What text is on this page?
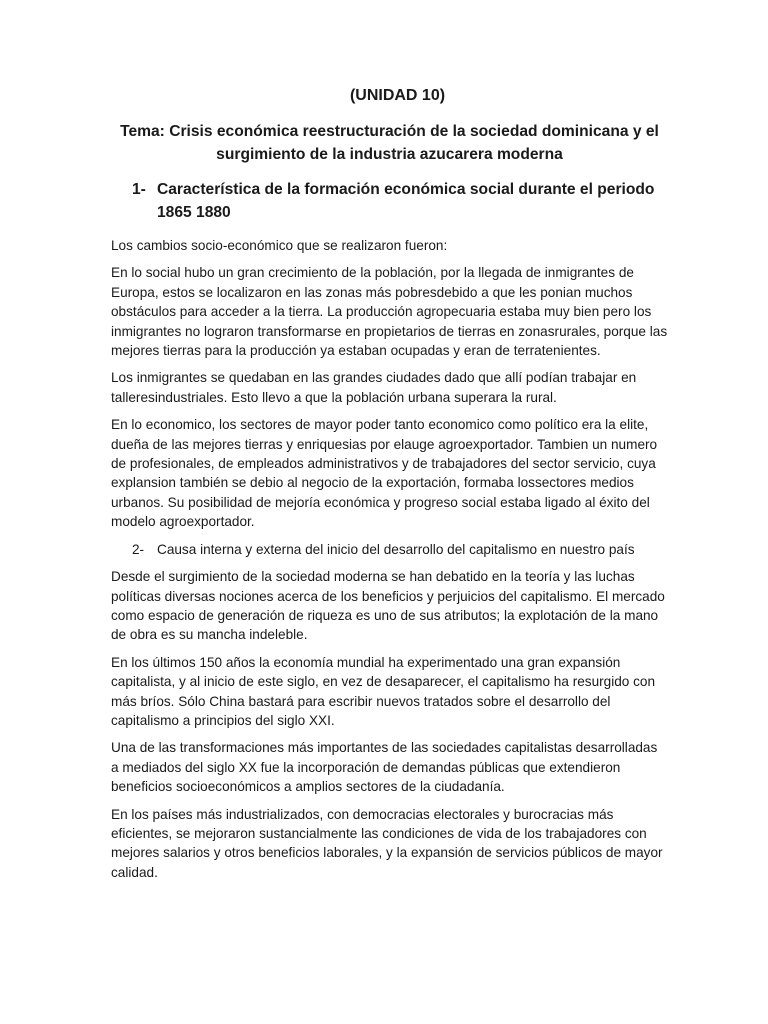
(UNIDAD 10)
Tema: Crisis económica reestructuración de la sociedad dominicana y el surgimiento de la industria azucarera moderna
1- Característica de la formación económica social durante el periodo 1865 1880
Los cambios socio-económico que se realizaron fueron:
En lo social hubo un gran crecimiento de la población, por la llegada de inmigrantes de Europa, estos se localizaron en las zonas más pobresdebido a que les ponian muchos obstáculos para acceder a la tierra. La producción agropecuaria estaba muy bien pero los inmigrantes no lograron transformarse en propietarios de tierras en zonasrurales, porque las mejores tierras para la producción ya estaban ocupadas y eran de terratenientes.
Los inmigrantes se quedaban en las grandes ciudades dado que allí podían trabajar en talleresindustriales. Esto llevo a que la población urbana superara la rural.
En lo economico, los sectores de mayor poder tanto economico como político era la elite, dueña de las mejores tierras y enriquesias por elauge agroexportador. Tambien un numero de profesionales, de empleados administrativos y de trabajadores del sector servicio, cuya explansion también se debio al negocio de la exportación, formaba lossectores medios urbanos. Su posibilidad de mejoría económica y progreso social estaba ligado al éxito del modelo agroexportador.
2- Causa interna y externa del inicio del desarrollo del capitalismo en nuestro país
Desde el surgimiento de la sociedad moderna se han debatido en la teoría y las luchas políticas diversas nociones acerca de los beneficios y perjuicios del capitalismo. El mercado como espacio de generación de riqueza es uno de sus atributos; la explotación de la mano de obra es su mancha indeleble.
En los últimos 150 años la economía mundial ha experimentado una gran expansión capitalista, y al inicio de este siglo, en vez de desaparecer, el capitalismo ha resurgido con más bríos. Sólo China bastará para escribir nuevos tratados sobre el desarrollo del capitalismo a principios del siglo XXI.
Una de las transformaciones más importantes de las sociedades capitalistas desarrolladas a mediados del siglo XX fue la incorporación de demandas públicas que extendieron beneficios socioeconómicos a amplios sectores de la ciudadanía.
En los países más industrializados, con democracias electorales y burocracias más eficientes, se mejoraron sustancialmente las condiciones de vida de los trabajadores con mejores salarios y otros beneficios laborales, y la expansión de servicios públicos de mayor calidad.
